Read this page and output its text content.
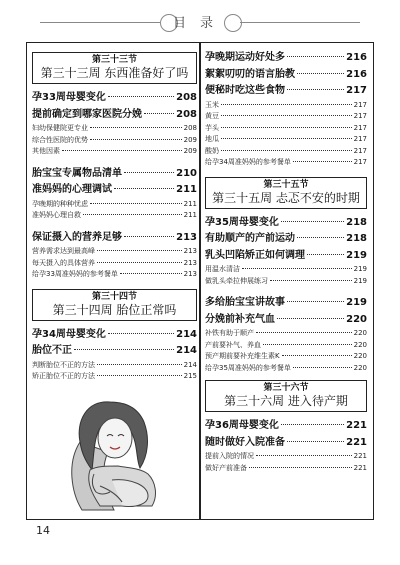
目录
第三十三节
第三十三周 东西准备好了吗
孕33周母婴变化	208
提前确定到哪家医院分娩	208
妇幼保健院更专业	208
综合性医院的优势	209
其他因素	209
胎宝宝专属物品清单	210
准妈妈的心理调试	211
孕晚期的种种忧虑	211
准妈妈心理自救	211
保证摄入的营养足够	213
营养需求达到最高峰	213
每天摄入的具体营养	213
给孕33周准妈妈的参考餐单	213
第三十四节
第三十四周 胎位正常吗
孕34周母婴变化	214
胎位不正	214
判断胎位不正的方法	214
矫正胎位不正的方法	215
孕晚期运动好处多	216
絮絮叨叨的语言胎教	216
便秘时吃这些食物	217
玉米	217
黄豆	217
芋头	217
地瓜	217
酸奶	217
给孕34周准妈妈的参考餐单	217
第三十五节
第三十五周 忐忑不安的时期
孕35周母婴变化	218
有助顺产的产前运动	218
乳头凹陷矫正如何调理	219
用温水清洁	219
做乳头牵拉伸展练习	219
多给胎宝宝讲故事	219
分娩前补充气血	220
补铁有助于顺产	220
产前要补气、养血	220
预产期前要补充维生素K	220
给孕35周准妈妈的参考餐单	220
第三十六节
第三十六周 进入待产期
孕36周母婴变化	221
随时做好入院准备	221
提前入院的情况	221
做好产前准备	221
14
